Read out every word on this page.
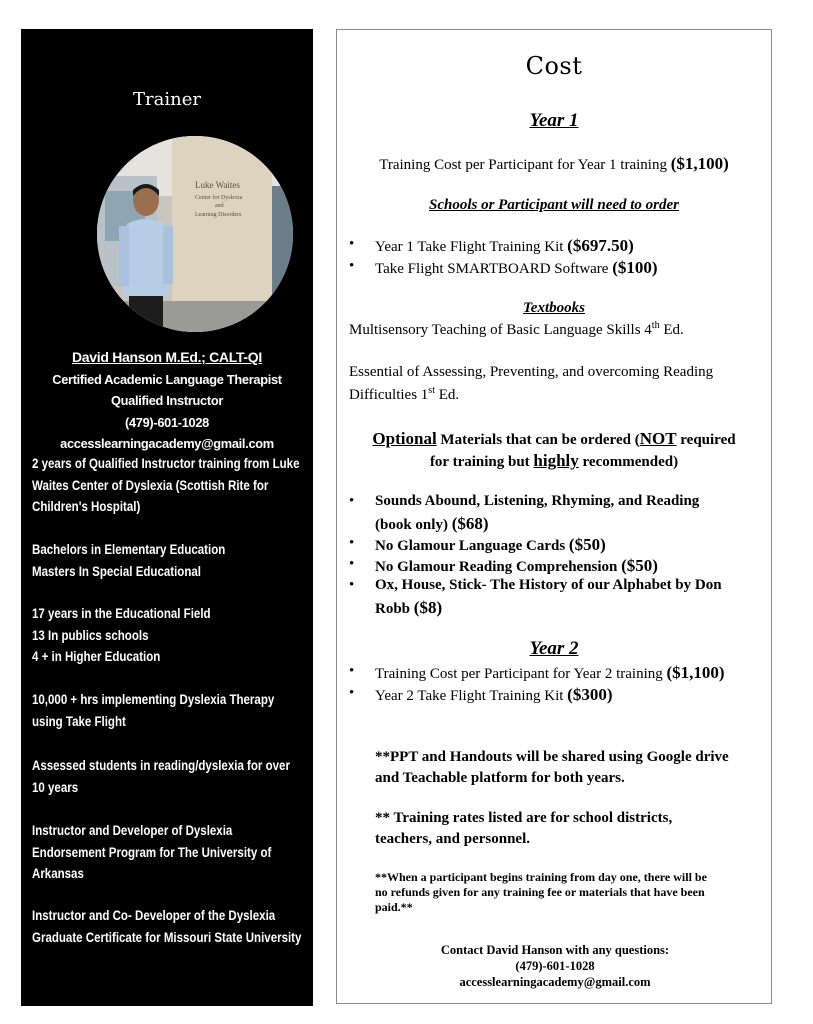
Trainer
Luke Waites
Center for Dyslexia
and
Learning Disorders
David Hanson M.Ed.; CALT-QI
Certified Academic Language Therapist
Qualified Instructor
(479)-601-1028
accesslearningacademy@gmail.com
2 years of Qualified Instructor training from Luke
Waites Center of Dyslexia (Scottish Rite for
Children's Hospital)
Bachelors in Elementary Education
Masters In Special Educational
17 years in the Educational Field
13 In publics schools
4 + in Higher Education
10,000 + hrs implementing Dyslexia Therapy
using Take Flight
Assessed students in reading/dyslexia for over
10 years
Instructor and Developer of Dyslexia
Endorsement Program for The University of
Arkansas
Instructor and Co- Developer of the Dyslexia
Graduate Certificate for Missouri State University
Cost
Year 1
Training Cost per Participant for Year 1 training ($1,100)
Schools or Participant will need to order
• Year 1 Take Flight Training Kit ($697.50)
• Take Flight SMARTBOARD Software ($100)
Textbooks
Multisensory Teaching of Basic Language Skills 4th Ed.
Essential of Assessing, Preventing, and overcoming Reading
Difficulties 1st Ed.
Optional Materials that can be ordered (NOT required
for training but highly recommended)
• Sounds Abound, Listening, Rhyming, and Reading
(book only) ($68)
• No Glamour Language Cards ($50)
• No Glamour Reading Comprehension ($50)
• Ox, House, Stick- The History of our Alphabet by Don
Robb ($8)
Year 2
• Training Cost per Participant for Year 2 training ($1,100)
• Year 2 Take Flight Training Kit ($300)
**PPT and Handouts will be shared using Google drive
and Teachable platform for both years.
** Training rates listed are for school districts,
teachers, and personnel.
**When a participant begins training from day one, there will be
no refunds given for any training fee or materials that have been
paid.**
Contact David Hanson with any questions:
(479)-601-1028
accesslearningacademy@gmail.com
